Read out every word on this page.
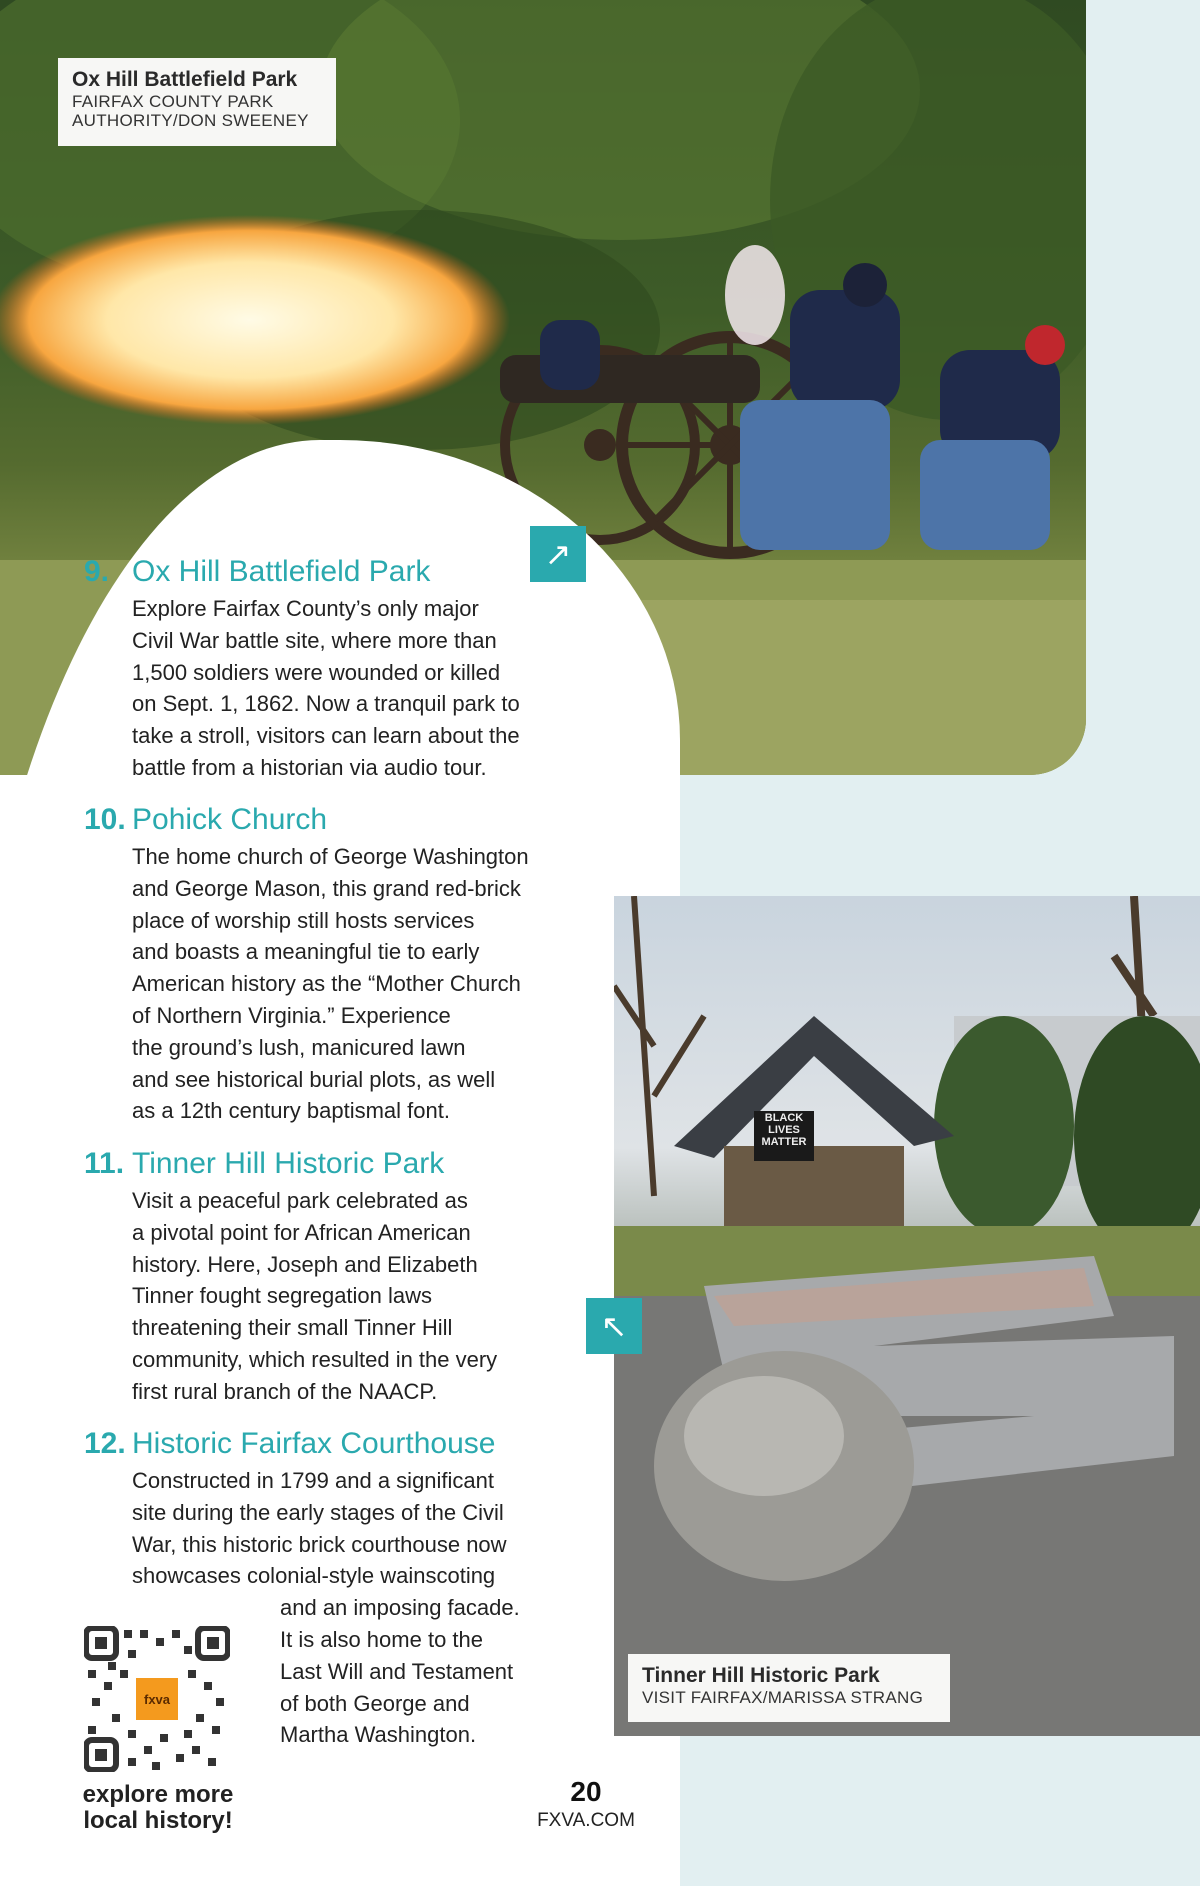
Ox Hill Battlefield Park
FAIRFAX COUNTY PARK
AUTHORITY/DON SWEENEY
↗
BLACK
LIVES
MATTER
Tinner Hill Historic Park
VISIT FAIRFAX/MARISSA STRANG
↖
9. Ox Hill Battlefield Park
Explore Fairfax County’s only major
Civil War battle site, where more than
1,500 soldiers were wounded or killed
on Sept. 1, 1862. Now a tranquil park to
take a stroll, visitors can learn about the
battle from a historian via audio tour.
10. Pohick Church
The home church of George Washington
and George Mason, this grand red-brick
place of worship still hosts services
and boasts a meaningful tie to early
American history as the “Mother Church
of Northern Virginia.” Experience
the ground’s lush, manicured lawn
and see historical burial plots, as well
as a 12th century baptismal font.
11. Tinner Hill Historic Park
Visit a peaceful park celebrated as
a pivotal point for African American
history. Here, Joseph and Elizabeth
Tinner fought segregation laws
threatening their small Tinner Hill
community, which resulted in the very
first rural branch of the NAACP.
12. Historic Fairfax Courthouse
Constructed in 1799 and a significant
site during the early stages of the Civil
War, this historic brick courthouse now
showcases colonial-style wainscoting
and an imposing facade.
It is also home to the
Last Will and Testament
of both George and
Martha Washington.
fxva
explore more
local history!
20
FXVA.COM
